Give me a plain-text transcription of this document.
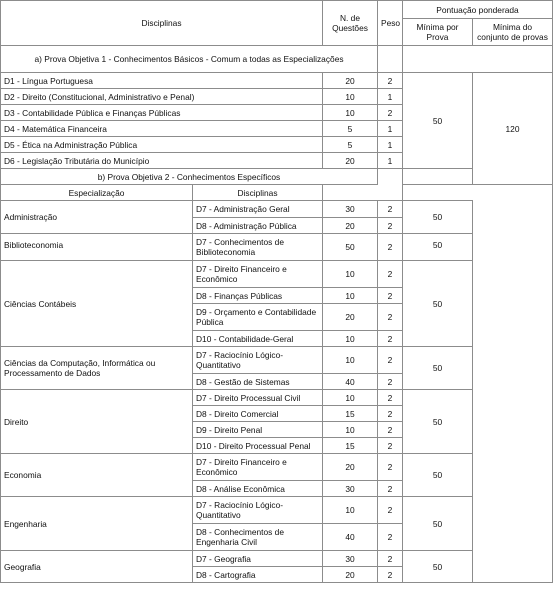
Disciplinas		N. de Questões	Peso	Pontuação ponderada	
				Mínima por Prova	Mínima do conjunto de provas
a) Prova Objetiva 1 - Conhecimentos Básicos - Comum a todas as Especializações					
D1 - Língua Portuguesa		20	2	50	120
D2 - Direito (Constitucional, Administrativo e Penal)		10	1		
D3 - Contabilidade Pública e Finanças Públicas		10	2		
D4 - Matemática Financeira		5	1		
D5 - Ética na Administração Pública		5	1		
D6 - Legislação Tributária do Município		20	1		
b) Prova Objetiva 2 - Conhecimentos Específicos					
Especialização	Disciplinas				
Administração	D7 - Administração Geral	30	2	50	
	D8 - Administração Pública	20	2		
Biblioteconomia	D7 - Conhecimentos de Biblioteconomia	50	2	50	
Ciências Contábeis	D7 - Direito Financeiro e Econômico	10	2	50	
	D8 - Finanças Públicas	10	2		
	D9 - Orçamento e Contabilidade Pública	20	2		
	D10 - Contabilidade-Geral	10	2		
Ciências da Computação, Informática ou Processamento de Dados	D7 - Raciocínio Lógico-Quantitativo	10	2	50	
	D8 - Gestão de Sistemas	40	2		
Direito	D7 - Direito Processual Civil	10	2	50	
	D8 - Direito Comercial	15	2		
	D9 - Direito Penal	10	2		
	D10 - Direito Processual Penal	15	2		
Economia	D7 - Direito Financeiro e Econômico	20	2	50	
	D8 - Análise Econômica	30	2		
Engenharia	D7 - Raciocínio Lógico-Quantitativo	10	2	50	
	D8 - Conhecimentos de Engenharia Civil	40	2		
Geografia	D7 - Geografia	30	2	50	
	D8 - Cartografia	20	2		
